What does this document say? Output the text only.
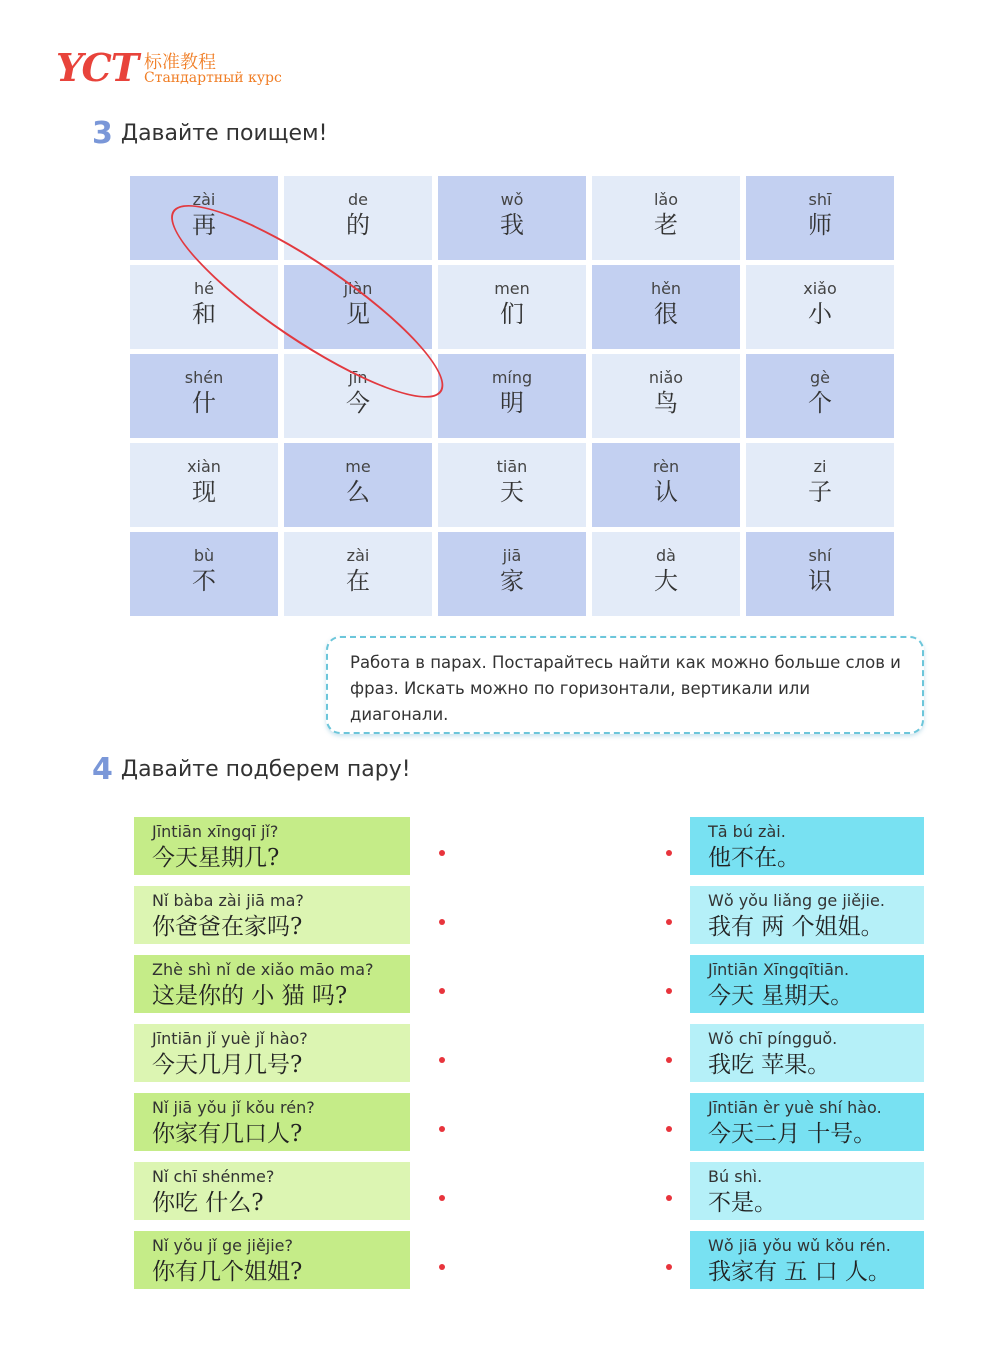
YCT 标准教程
Стандартный курс
3 Давайте поищем!
zài
再
de
的
wǒ
我
lǎo
老
shī
师
hé
和
jiàn
见
men
们
hěn
很
xiǎo
小
shén
什
jīn
今
míng
明
niǎo
鸟
gè
个
xiàn
现
me
么
tiān
天
rèn
认
zi
子
bù
不
zài
在
jiā
家
dà
大
shí
识
Работа в парах. Постарайтесь найти как можно больше слов и фраз. Искать можно по горизонтали, вертикали или диагонали.
4 Давайте подберем пару!
Jīntiān xīngqī jǐ?
今天星期几?
Tā bú zài.
他不在。
Nǐ bàba zài jiā ma?
你爸爸在家吗?
Wǒ yǒu liǎng ge jiějie.
我有 两 个姐姐。
Zhè shì nǐ de xiǎo māo ma?
这是你的 小 猫 吗?
Jīntiān Xīngqītiān.
今天 星期天。
Jīntiān jǐ yuè jǐ hào?
今天几月几号?
Wǒ chī píngguǒ.
我吃 苹果。
Nǐ jiā yǒu jǐ kǒu rén?
你家有几口人?
Jīntiān èr yuè shí hào.
今天二月 十号。
Nǐ chī shénme?
你吃 什么?
Bú shì.
不是。
Nǐ yǒu jǐ ge jiějie?
你有几个姐姐?
Wǒ jiā yǒu wǔ kǒu rén.
我家有 五 口 人。
